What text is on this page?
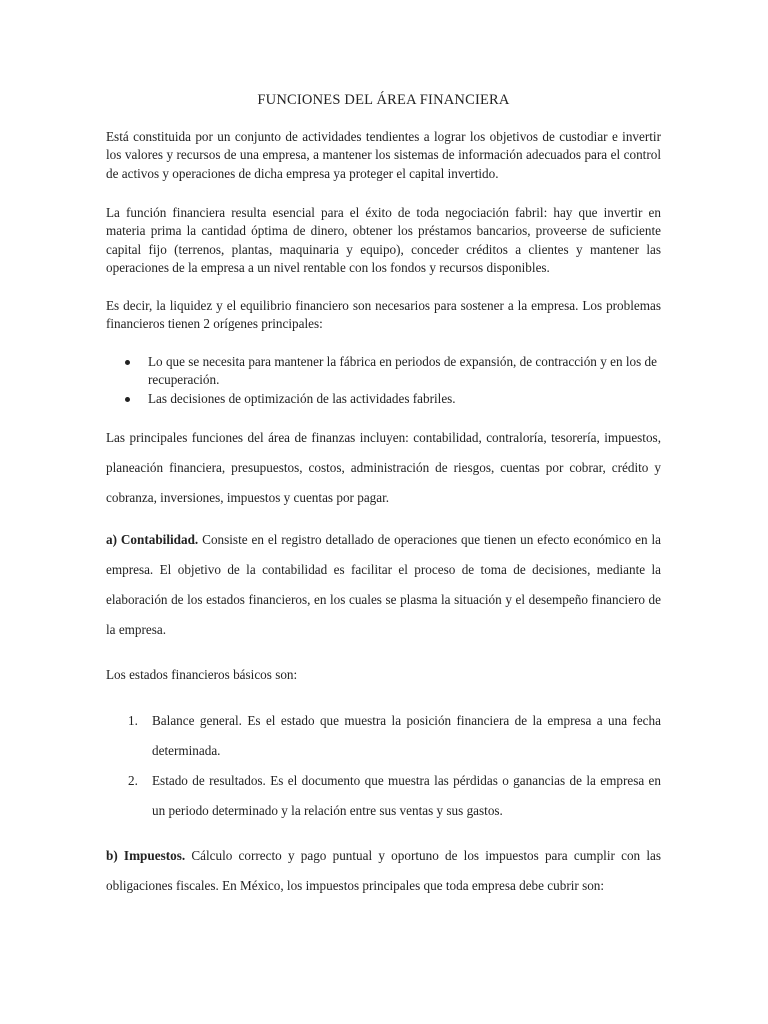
FUNCIONES DEL ÁREA FINANCIERA

Está constituida por un conjunto de actividades tendientes a lograr los objetivos de custodiar e invertir los valores y recursos de una empresa, a mantener los sistemas de información adecuados para el control de activos y operaciones de dicha empresa ya proteger el capital invertido.

La función financiera resulta esencial para el éxito de toda negociación fabril: hay que invertir en materia prima la cantidad óptima de dinero, obtener los préstamos bancarios, proveerse de suficiente capital fijo (terrenos, plantas, maquinaria y equipo), conceder créditos a clientes y mantener las operaciones de la empresa a un nivel rentable con los fondos y recursos disponibles.

Es decir, la liquidez y el equilibrio financiero son necesarios para sostener a la empresa. Los problemas financieros tienen 2 orígenes principales:

Lo que se necesita para mantener la fábrica en periodos de expansión, de contracción y en los de recuperación.
Las decisiones de optimización de las actividades fabriles.

Las principales funciones del área de finanzas incluyen: contabilidad, contraloría, tesorería, impuestos, planeación financiera, presupuestos, costos, administración de riesgos, cuentas por cobrar, crédito y cobranza, inversiones, impuestos y cuentas por pagar.

a) Contabilidad. Consiste en el registro detallado de operaciones que tienen un efecto económico en la empresa. El objetivo de la contabilidad es facilitar el proceso de toma de decisiones, mediante la elaboración de los estados financieros, en los cuales se plasma la situación y el desempeño financiero de la empresa.

Los estados financieros básicos son:

1. Balance general. Es el estado que muestra la posición financiera de la empresa a una fecha determinada.
2. Estado de resultados. Es el documento que muestra las pérdidas o ganancias de la empresa en un periodo determinado y la relación entre sus ventas y sus gastos.

b) Impuestos. Cálculo correcto y pago puntual y oportuno de los impuestos para cumplir con las obligaciones fiscales. En México, los impuestos principales que toda empresa debe cubrir son:
